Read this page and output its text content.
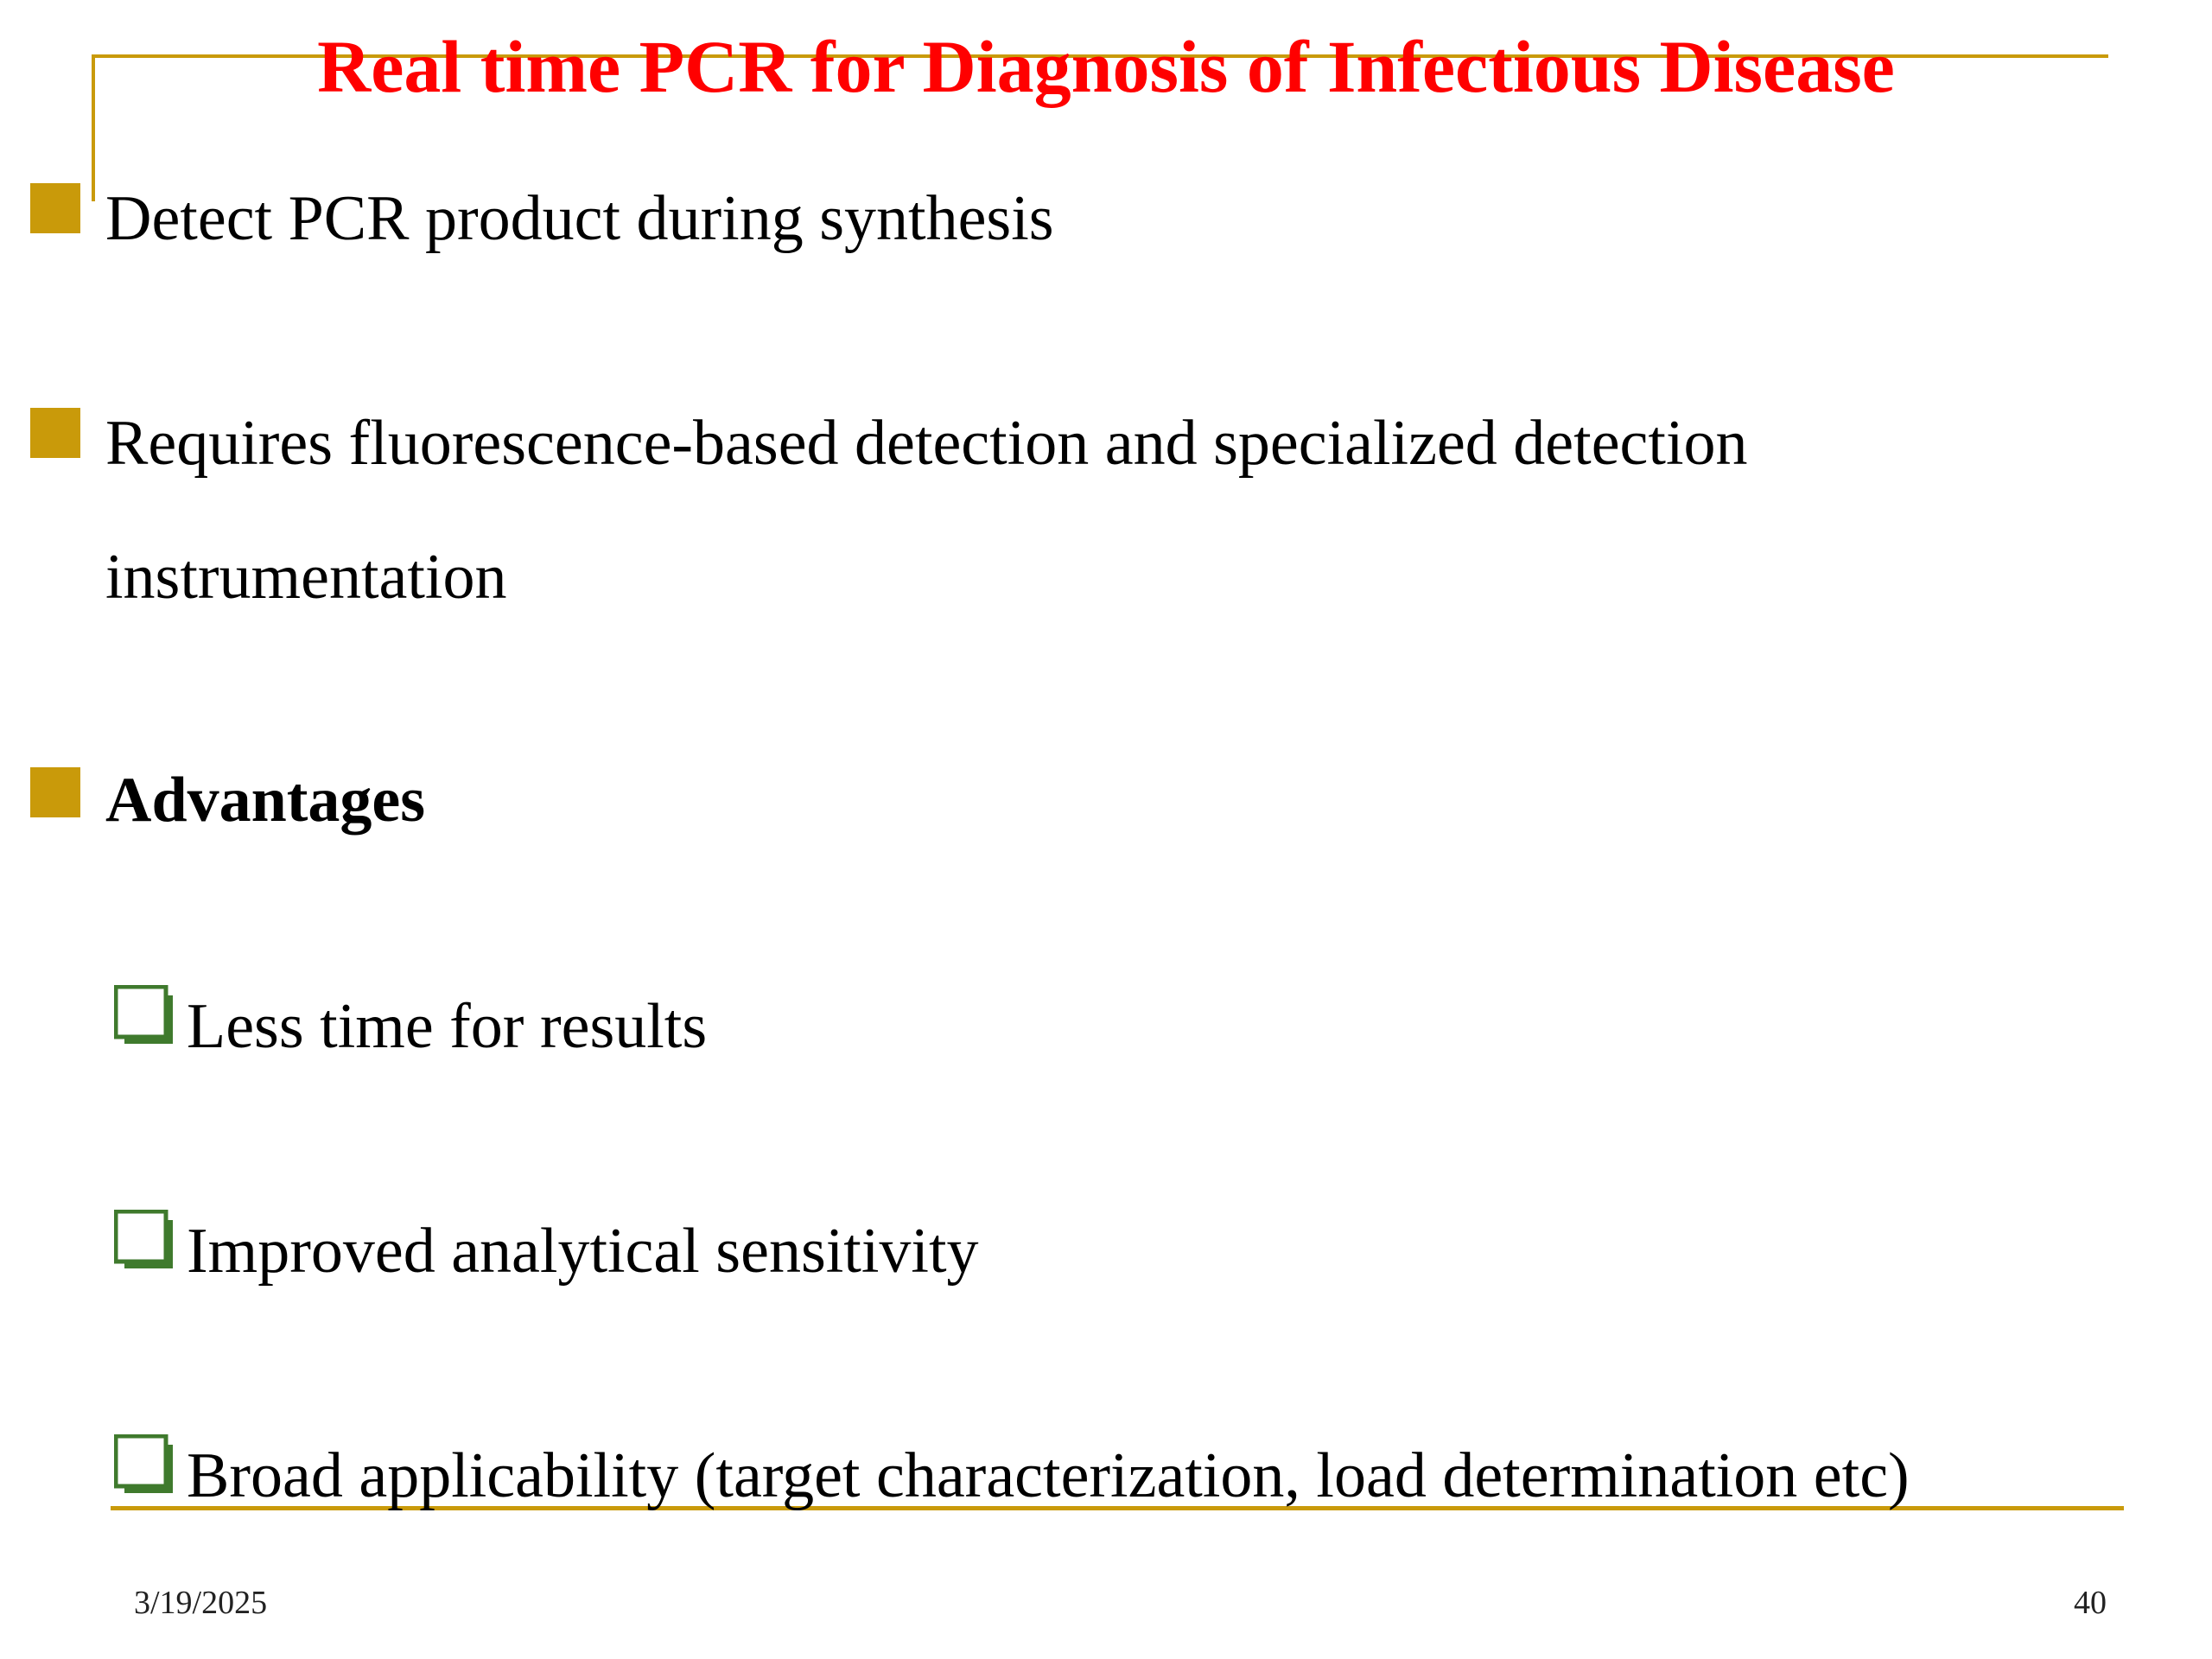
Real time PCR for Diagnosis of Infectious Disease
Detect PCR product during synthesis
Requires fluorescence-based detection and specialized detection
instrumentation
Advantages
Less time for results
Improved analytical sensitivity
Broad applicability (target characterization, load determination etc)
3/19/2025	40
